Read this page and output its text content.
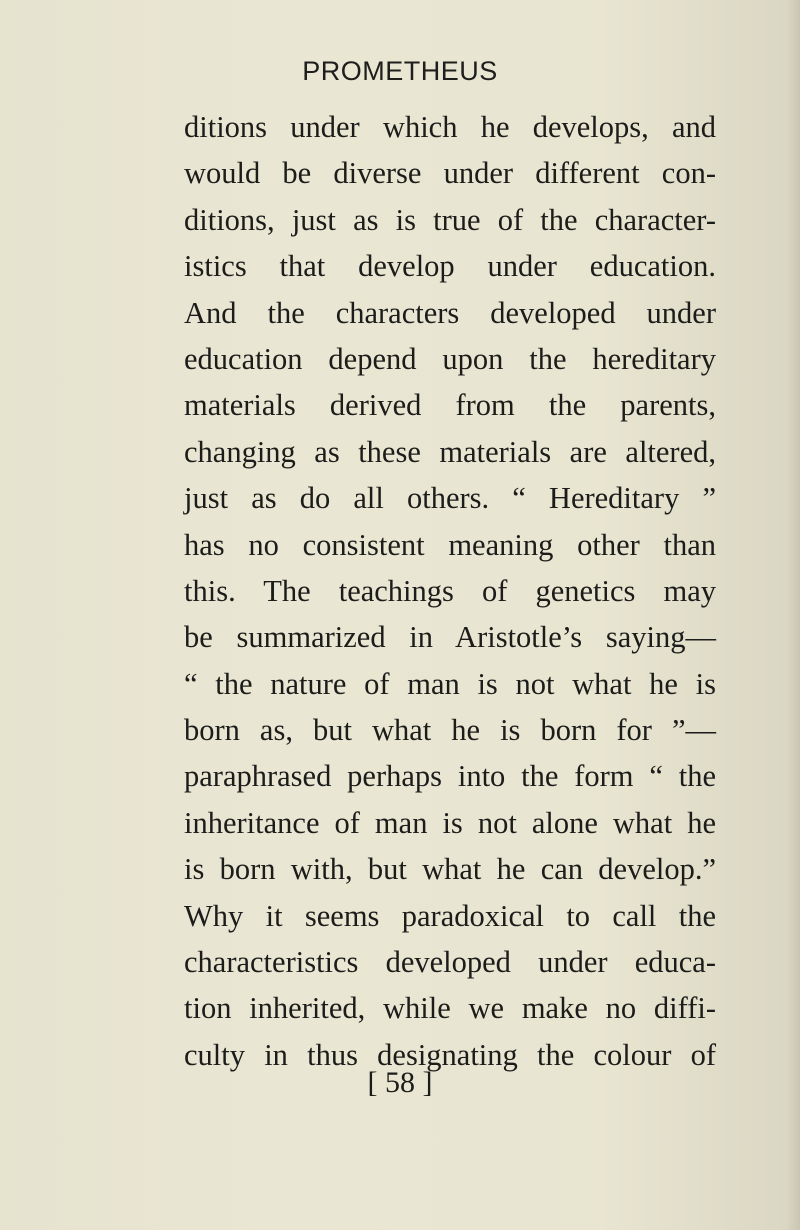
PROMETHEUS
ditions under which he develops, and
would be diverse under different con-
ditions, just as is true of the character-
istics that develop under education.
And the characters developed under
education depend upon the hereditary
materials derived from the parents,
changing as these materials are altered,
just as do all others. “ Hereditary ”
has no consistent meaning other than
this. The teachings of genetics may
be summarized in Aristotle’s saying—
“ the nature of man is not what he is
born as, but what he is born for ”—
paraphrased perhaps into the form “ the
inheritance of man is not alone what he
is born with, but what he can develop.”
Why it seems paradoxical to call the
characteristics developed under educa-
tion inherited, while we make no diffi-
culty in thus designating the colour of
[ 58 ]
